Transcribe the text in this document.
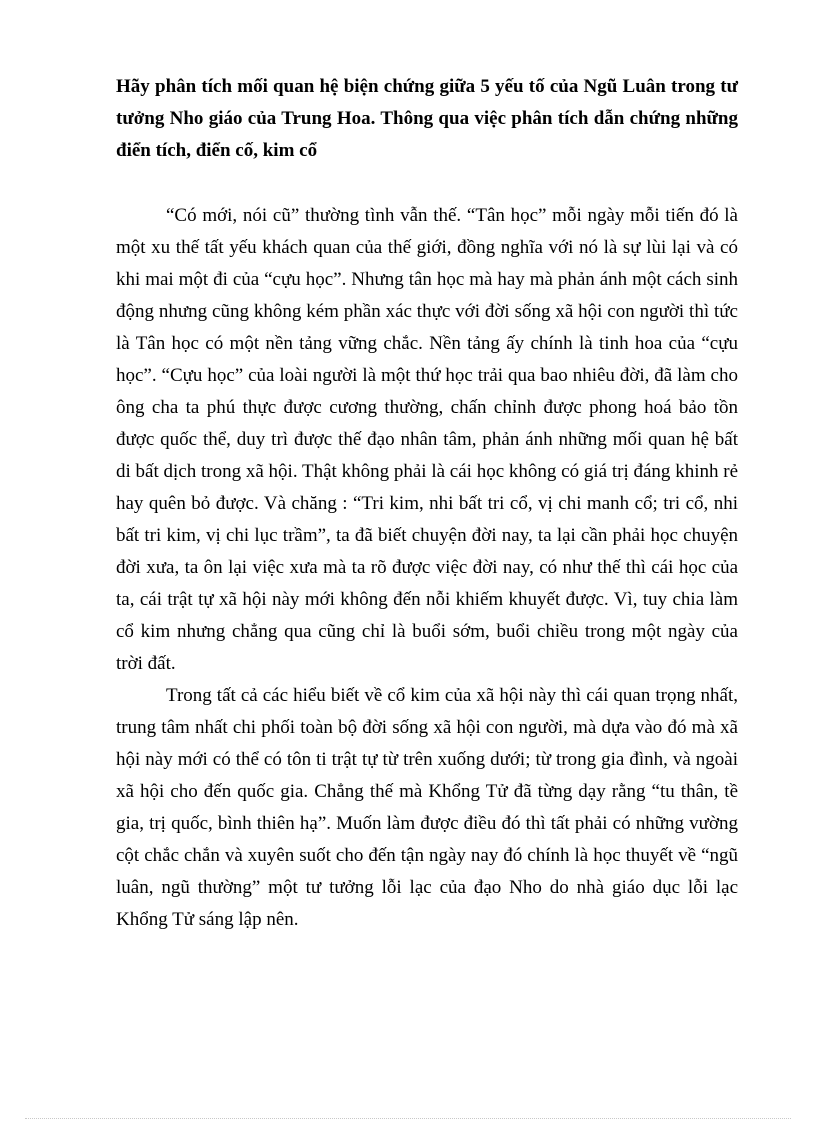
Hãy phân tích mối quan hệ biện chứng giữa 5 yếu tố của Ngũ Luân trong tư tưởng Nho giáo của Trung Hoa. Thông qua việc phân tích dẫn chứng những điển tích, điển cố, kim cổ

“Có mới, nói cũ” thường tình vẫn thế. “Tân học” mỗi ngày mỗi tiến đó là một xu thế tất yếu khách quan của thế giới, đồng nghĩa với nó là sự lùi lại và có khi mai một đi của “cựu học”. Nhưng tân học mà hay mà phản ánh một cách sinh động nhưng cũng không kém phần xác thực với đời sống xã hội con người thì tức là Tân học có một nền tảng vững chắc. Nền tảng ấy chính là tinh hoa của “cựu học”. “Cựu học” của loài người là một thứ học trải qua bao nhiêu đời, đã làm cho ông cha ta phú thực được cương thường, chấn chỉnh được phong hoá bảo tồn được quốc thể, duy trì được thế đạo nhân tâm, phản ánh những mối quan hệ bất di bất dịch trong xã hội. Thật không phải là cái học không có giá trị đáng khinh rẻ hay quên bỏ được. Và chăng : “Tri kim, nhi bất tri cổ, vị chi manh cổ; tri cổ, nhi bất tri kim, vị chi lục trầm”, ta đã biết chuyện đời nay, ta lại cần phải học chuyện đời xưa, ta ôn lại việc xưa mà ta rõ được việc đời nay, có như thế thì cái học của ta, cái trật tự xã hội này mới không đến nỗi khiếm khuyết được. Vì, tuy chia làm cổ kim nhưng chẳng qua cũng chỉ là buổi sớm, buổi chiều trong một ngày của trời đất.

Trong tất cả các hiểu biết về cổ kim của xã hội này thì cái quan trọng nhất, trung tâm nhất chi phối toàn bộ đời sống xã hội con người, mà dựa vào đó mà xã hội này mới có thể có tôn ti trật tự từ trên xuống dưới; từ trong gia đình, và ngoài xã hội cho đến quốc gia. Chẳng thế mà Khổng Tử đã từng dạy rằng “tu thân, tề gia, trị quốc, bình thiên hạ”. Muốn làm được điều đó thì tất phải có những vường cột chắc chắn và xuyên suốt cho đến tận ngày nay đó chính là học thuyết về “ngũ luân, ngũ thường” một tư tưởng lỗi lạc của đạo Nho do nhà giáo dục lỗi lạc Khổng Tử sáng lập nên.
